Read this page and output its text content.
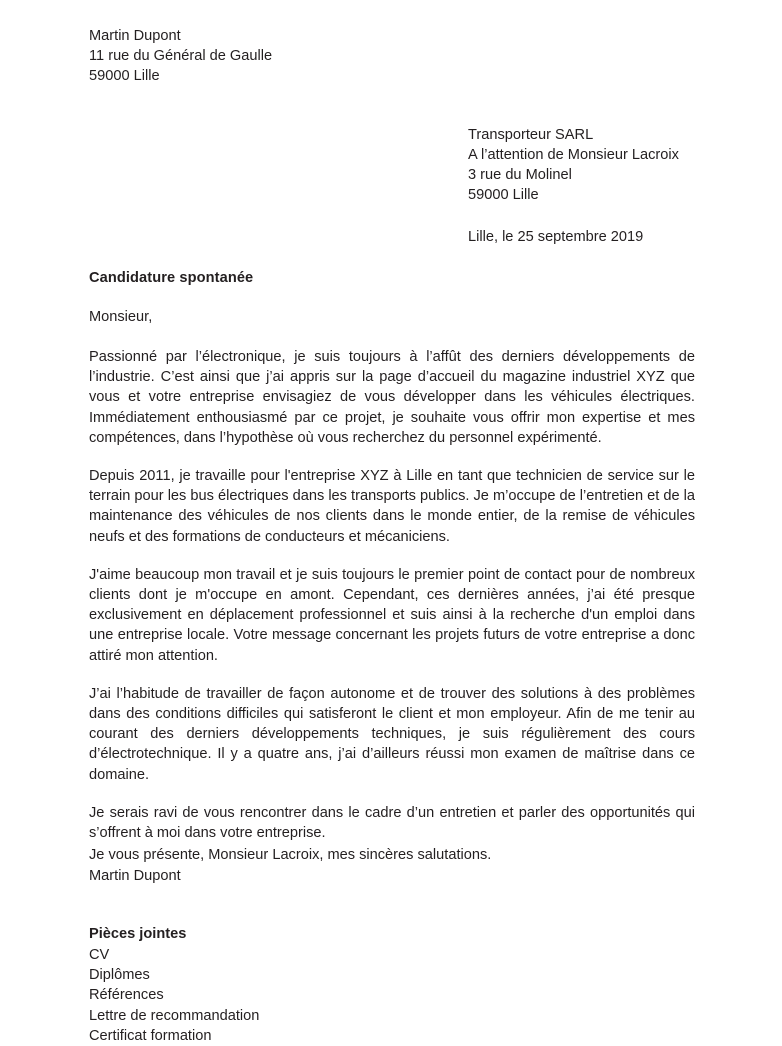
Martin Dupont
11 rue du Général de Gaulle
59000 Lille
Transporteur SARL
A l’attention de Monsieur Lacroix
3 rue du Molinel
59000 Lille
Lille, le 25 septembre 2019
Candidature spontanée
Monsieur,

Passionné par l’électronique, je suis toujours à l’affût des derniers développements de l’industrie. C’est ainsi que j’ai appris sur la page d’accueil du magazine industriel XYZ que vous et votre entreprise envisagiez de vous développer dans les véhicules électriques. Immédiatement enthousiasmé par ce projet, je souhaite vous offrir mon expertise et mes compétences, dans l’hypothèse où vous recherchez du personnel expérimenté.

Depuis 2011, je travaille pour l'entreprise XYZ à Lille en tant que technicien de service sur le terrain pour les bus électriques dans les transports publics. Je m’occupe de l’entretien et de la maintenance des véhicules de nos clients dans le monde entier, de la remise de véhicules neufs et des formations de conducteurs et mécaniciens.

J'aime beaucoup mon travail et je suis toujours le premier point de contact pour de nombreux clients dont je m'occupe en amont. Cependant, ces dernières années, j’ai été presque exclusivement en déplacement professionnel et suis ainsi à la recherche d'un emploi dans une entreprise locale. Votre message concernant les projets futurs de votre entreprise a donc attiré mon attention.

J’ai l’habitude de travailler de façon autonome et de trouver des solutions à des problèmes dans des conditions difficiles qui satisferont le client et mon employeur. Afin de me tenir au courant des derniers développements techniques, je suis régulièrement des cours d’électrotechnique. Il y a quatre ans, j’ai d’ailleurs réussi mon examen de maîtrise dans ce domaine.

Je serais ravi de vous rencontrer dans le cadre d’un entretien et parler des opportunités qui s’offrent à moi dans votre entreprise.

Je vous présente, Monsieur Lacroix, mes sincères salutations.
Martin Dupont
Pièces jointes
CV
Diplômes
Références
Lettre de recommandation
Certificat formation
